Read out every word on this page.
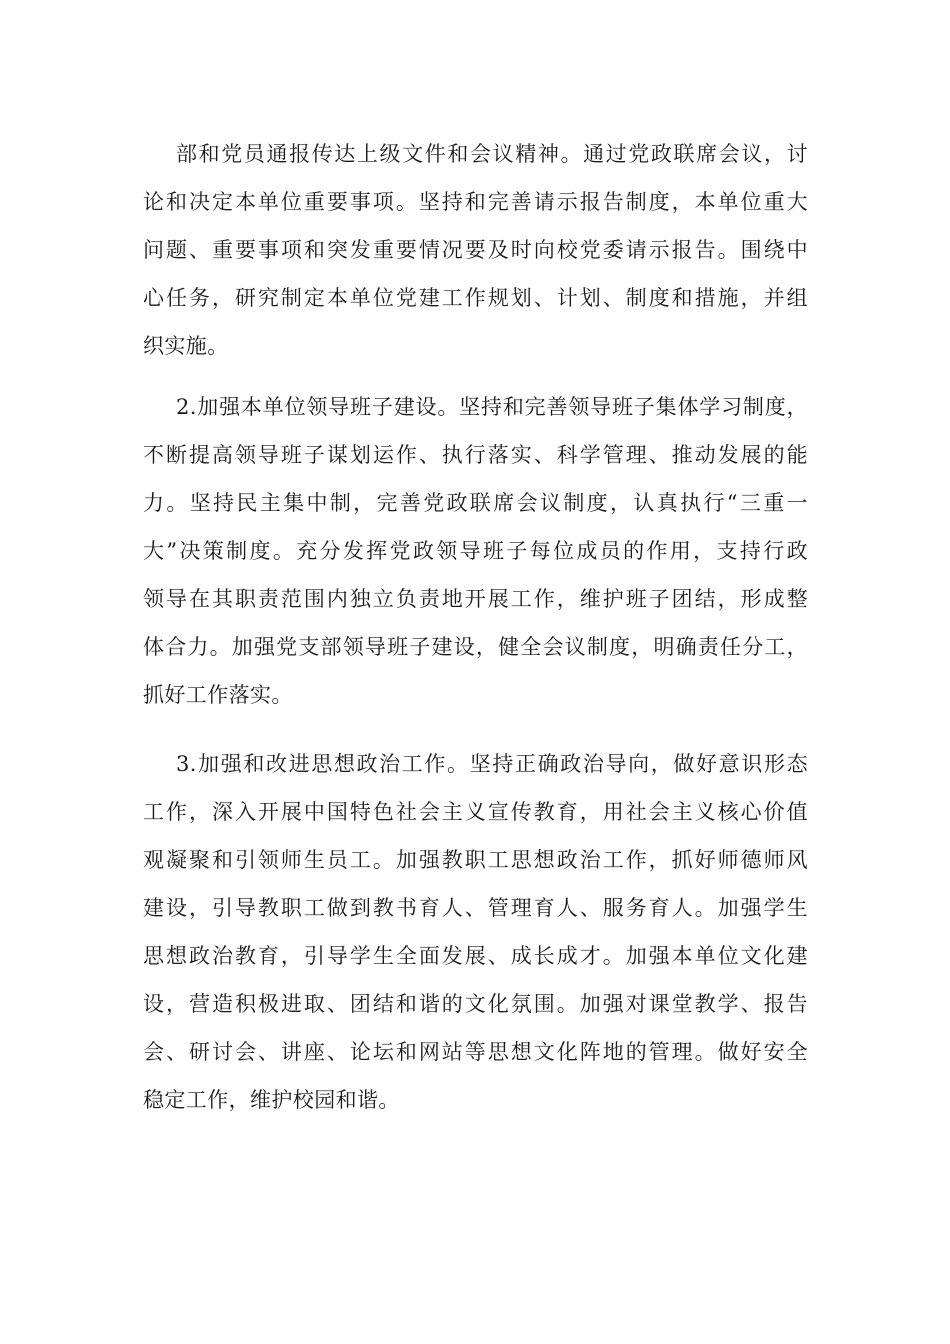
部和党员通报传达上级文件和会议精神。通过党政联席会议，讨
论和决定本单位重要事项。坚持和完善请示报告制度，本单位重大
问题、重要事项和突发重要情况要及时向校党委请示报告。围绕中
心任务，研究制定本单位党建工作规划、计划、制度和措施，并组
织实施。
2.加强本单位领导班子建设。坚持和完善领导班子集体学习制度，
不断提高领导班子谋划运作、执行落实、科学管理、推动发展的能
力。坚持民主集中制，完善党政联席会议制度，认真执行“三重一
大”决策制度。充分发挥党政领导班子每位成员的作用，支持行政
领导在其职责范围内独立负责地开展工作，维护班子团结，形成整
体合力。加强党支部领导班子建设，健全会议制度，明确责任分工，
抓好工作落实。
3.加强和改进思想政治工作。坚持正确政治导向，做好意识形态
工作，深入开展中国特色社会主义宣传教育，用社会主义核心价值
观凝聚和引领师生员工。加强教职工思想政治工作，抓好师德师风
建设，引导教职工做到教书育人、管理育人、服务育人。加强学生
思想政治教育，引导学生全面发展、成长成才。加强本单位文化建
设，营造积极进取、团结和谐的文化氛围。加强对课堂教学、报告
会、研讨会、讲座、论坛和网站等思想文化阵地的管理。做好安全
稳定工作，维护校园和谐。
